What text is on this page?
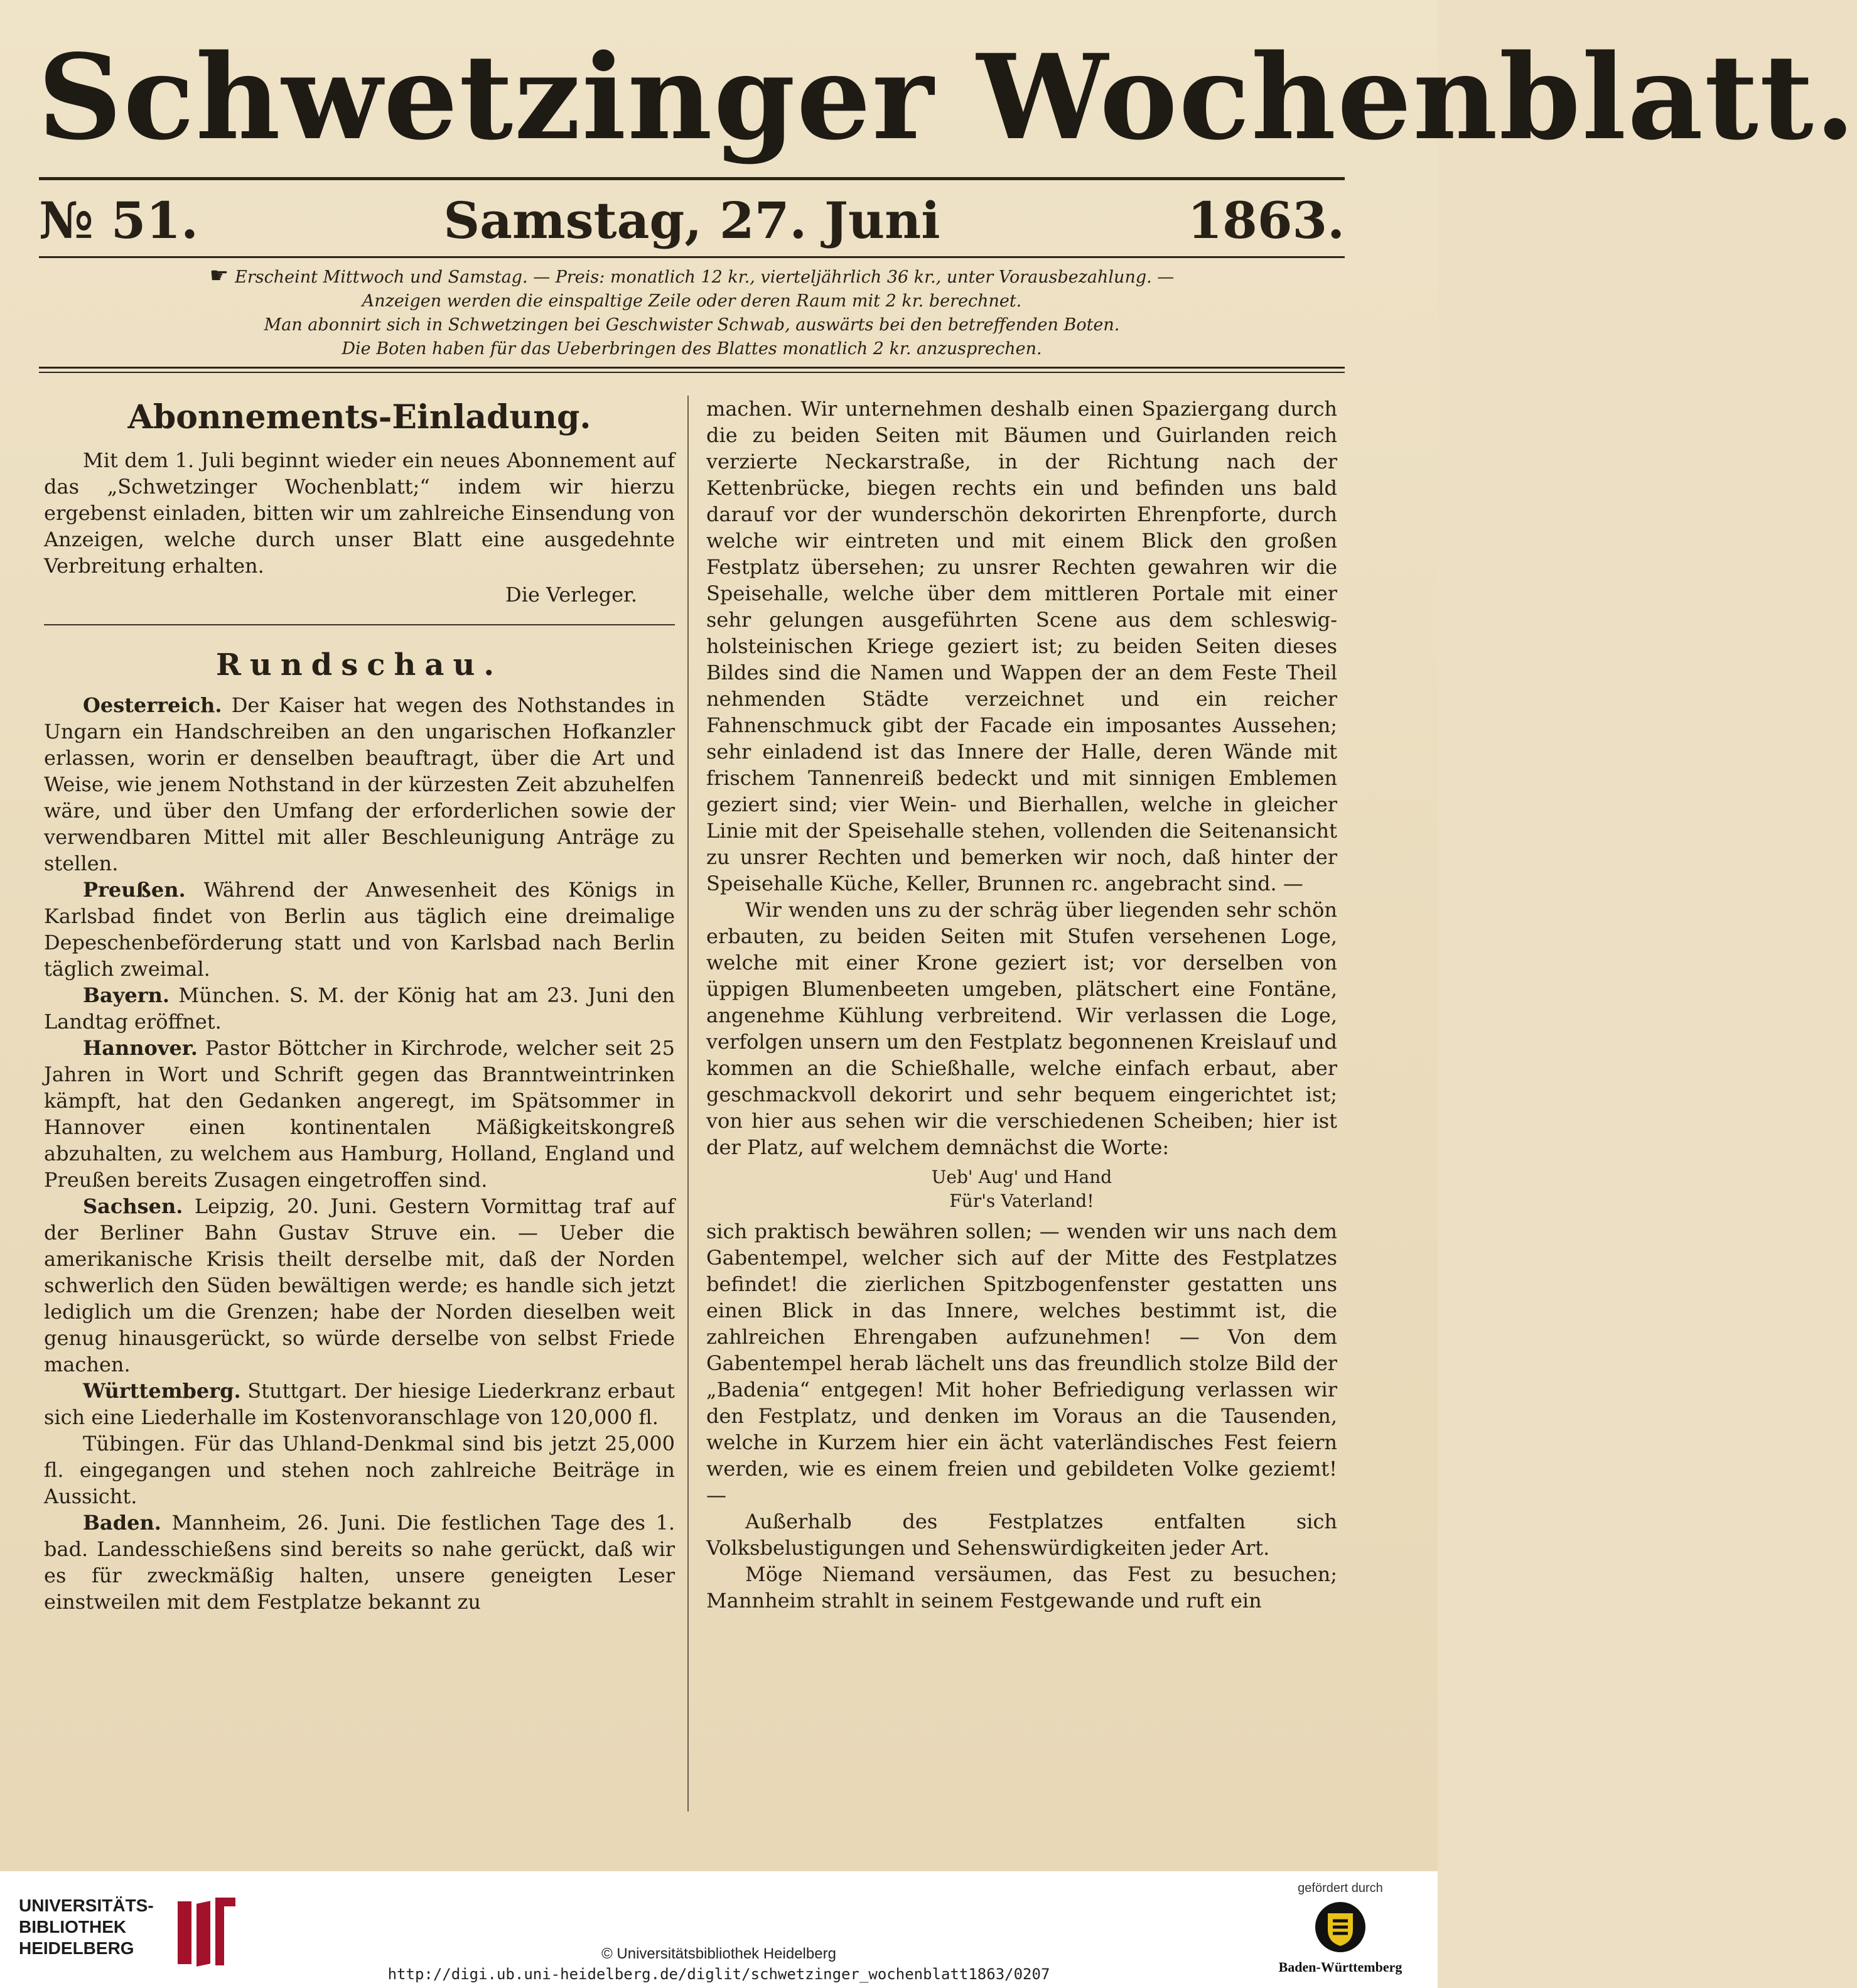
Schwetzinger Wochenblatt.
Samstag, 27. Juni
№ 51.	1863.
☛ Erscheint Mittwoch und Samstag. — Preis: monatlich 12 kr., vierteljährlich 36 kr., unter Vorausbezahlung. —
Anzeigen werden die einspaltige Zeile oder deren Raum mit 2 kr. berechnet.
Man abonnirt sich in Schwetzingen bei Geschwister Schwab, auswärts bei den betreffenden Boten.
Die Boten haben für das Ueberbringen des Blattes monatlich 2 kr. anzusprechen.
Abonnements-Einladung.

Mit dem 1. Juli beginnt wieder ein neues Abonnement auf das „Schwetzinger Wochenblatt;“ indem wir hierzu ergebenst einladen, bitten wir um zahlreiche Einsendung von Anzeigen, welche durch unser Blatt eine ausgedehnte Verbreitung erhalten.

Die Verleger.
Rundschau.

Oesterreich. Der Kaiser hat wegen des Nothstandes in Ungarn ein Handschreiben an den ungarischen Hofkanzler erlassen, worin er denselben beauftragt, über die Art und Weise, wie jenem Nothstand in der kürzesten Zeit abzuhelfen wäre, und über den Umfang der erforderlichen sowie der verwendbaren Mittel mit aller Beschleunigung Anträge zu stellen.

Preußen. Während der Anwesenheit des Königs in Karlsbad findet von Berlin aus täglich eine dreimalige Depeschenbeförderung statt und von Karlsbad nach Berlin täglich zweimal.

Bayern. München. S. M. der König hat am 23. Juni den Landtag eröffnet.

Hannover. Pastor Böttcher in Kirchrode, welcher seit 25 Jahren in Wort und Schrift gegen das Branntweintrinken kämpft, hat den Gedanken angeregt, im Spätsommer in Hannover einen kontinentalen Mäßigkeitskongreß abzuhalten, zu welchem aus Hamburg, Holland, England und Preußen bereits Zusagen eingetroffen sind.

Sachsen. Leipzig, 20. Juni. Gestern Vormittag traf auf der Berliner Bahn Gustav Struve ein. — Ueber die amerikanische Krisis theilt derselbe mit, daß der Norden schwerlich den Süden bewältigen werde; es handle sich jetzt lediglich um die Grenzen; habe der Norden dieselben weit genug hinausgerückt, so würde derselbe von selbst Friede machen.

Württemberg. Stuttgart. Der hiesige Liederkranz erbaut sich eine Liederhalle im Kostenvoranschlage von 120,000 fl.

Tübingen. Für das Uhland-Denkmal sind bis jetzt 25,000 fl. eingegangen und stehen noch zahlreiche Beiträge in Aussicht.

Baden. Mannheim, 26. Juni. Die festlichen Tage des 1. bad. Landesschießens sind bereits so nahe gerückt, daß wir es für zweckmäßig halten, unsere geneigten Leser einstweilen mit dem Festplatze bekannt zu

machen. Wir unternehmen deshalb einen Spaziergang durch die zu beiden Seiten mit Bäumen und Guirlanden reich verzierte Neckarstraße, in der Richtung nach der Kettenbrücke, biegen rechts ein und befinden uns bald darauf vor der wunderschön dekorirten Ehrenpforte, durch welche wir eintreten und mit einem Blick den großen Festplatz übersehen; zu unsrer Rechten gewahren wir die Speisehalle, welche über dem mittleren Portale mit einer sehr gelungen ausgeführten Scene aus dem schleswig-holsteinischen Kriege geziert ist; zu beiden Seiten dieses Bildes sind die Namen und Wappen der an dem Feste Theil nehmenden Städte verzeichnet und ein reicher Fahnenschmuck gibt der Facade ein imposantes Aussehen; sehr einladend ist das Innere der Halle, deren Wände mit frischem Tannenreiß bedeckt und mit sinnigen Emblemen geziert sind; vier Wein- und Bierhallen, welche in gleicher Linie mit der Speisehalle stehen, vollenden die Seitenansicht zu unsrer Rechten und bemerken wir noch, daß hinter der Speisehalle Küche, Keller, Brunnen rc. angebracht sind. —

Wir wenden uns zu der schräg über liegenden sehr schön erbauten, zu beiden Seiten mit Stufen versehenen Loge, welche mit einer Krone geziert ist; vor derselben von üppigen Blumenbeeten umgeben, plätschert eine Fontäne, angenehme Kühlung verbreitend. Wir verlassen die Loge, verfolgen unsern um den Festplatz begonnenen Kreislauf und kommen an die Schießhalle, welche einfach erbaut, aber geschmackvoll dekorirt und sehr bequem eingerichtet ist; von hier aus sehen wir die verschiedenen Scheiben; hier ist der Platz, auf welchem demnächst die Worte:

Ueb' Aug' und Hand
Für's Vaterland!

sich praktisch bewähren sollen; — wenden wir uns nach dem Gabentempel, welcher sich auf der Mitte des Festplatzes befindet! die zierlichen Spitzbogenfenster gestatten uns einen Blick in das Innere, welches bestimmt ist, die zahlreichen Ehrengaben aufzunehmen! — Von dem Gabentempel herab lächelt uns das freundlich stolze Bild der „Badenia“ entgegen! Mit hoher Befriedigung verlassen wir den Festplatz, und denken im Voraus an die Tausenden, welche in Kurzem hier ein ächt vaterländisches Fest feiern werden, wie es einem freien und gebildeten Volke geziemt! —

Außerhalb des Festplatzes entfalten sich Volksbelustigungen und Sehenswürdigkeiten jeder Art.

Möge Niemand versäumen, das Fest zu besuchen; Mannheim strahlt in seinem Festgewande und ruft ein

UNIVERSITÄTS-
BIBLIOTHEK
HEIDELBERG	© Universitätsbibliothek Heidelberg
http://digi.ub.uni-heidelberg.de/diglit/schwetzinger_wochenblatt1863/0207
gefördert durch
Baden-Württemberg
